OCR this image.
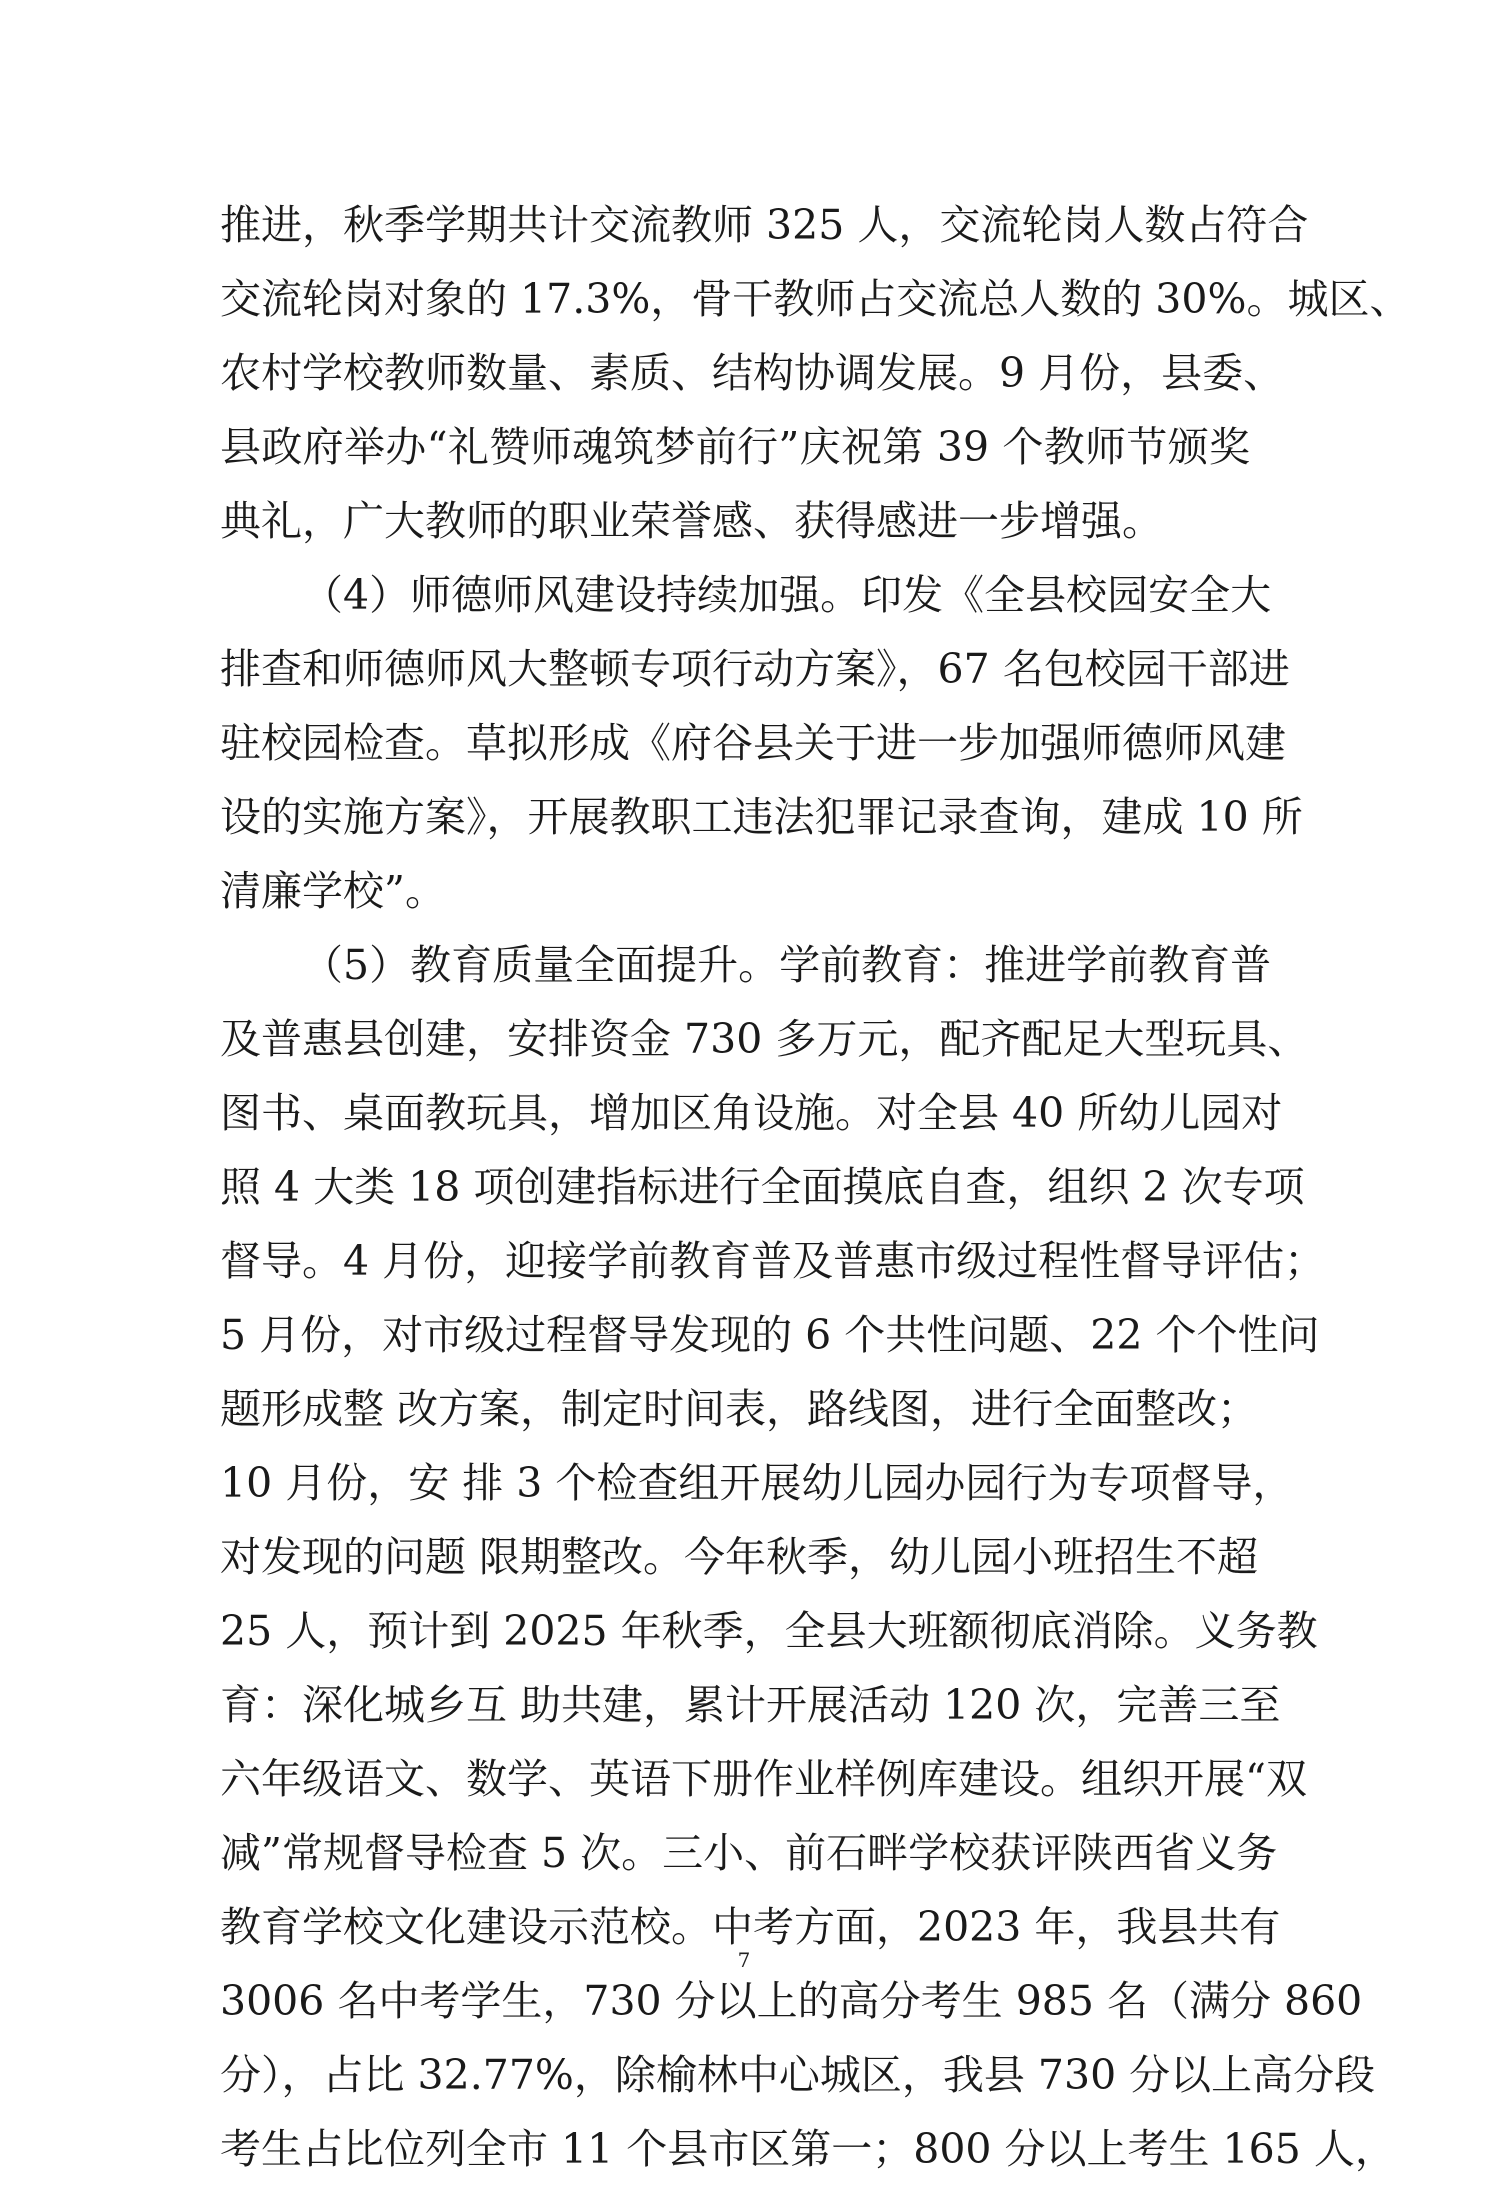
推进，秋季学期共计交流教师 325 人，交流轮岗人数占符合
交流轮岗对象的 17.3%，骨干教师占交流总人数的 30%。城区、
农村学校教师数量、素质、结构协调发展。9 月份，县委、
县政府举办“礼赞师魂筑梦前行”庆祝第 39 个教师节颁奖
典礼，广大教师的职业荣誉感、获得感进一步增强。
（4）师德师风建设持续加强。印发《全县校园安全大
排查和师德师风大整顿专项行动方案》，67 名包校园干部进
驻校园检查。草拟形成《府谷县关于进一步加强师德师风建
设的实施方案》，开展教职工违法犯罪记录查询，建成 10 所
清廉学校”。
（5）教育质量全面提升。学前教育：推进学前教育普
及普惠县创建，安排资金 730 多万元，配齐配足大型玩具、
图书、桌面教玩具，增加区角设施。对全县 40 所幼儿园对
照 4 大类 18 项创建指标进行全面摸底自查，组织 2 次专项
督导。4 月份，迎接学前教育普及普惠市级过程性督导评估；
5 月份，对市级过程督导发现的 6 个共性问题、22 个个性问
题形成整 改方案，制定时间表，路线图，进行全面整改；
10 月份，安 排 3 个检查组开展幼儿园办园行为专项督导，
对发现的问题 限期整改。今年秋季，幼儿园小班招生不超
25 人，预计到 2025 年秋季，全县大班额彻底消除。义务教
育：深化城乡互 助共建，累计开展活动 120 次，完善三至
六年级语文、数学、英语下册作业样例库建设。组织开展“双
减”常规督导检查 5 次。三小、前石畔学校获评陕西省义务
教育学校文化建设示范校。中考方面，2023 年，我县共有
3006 名中考学生，730 分以上的高分考生 985 名（满分 860
分），占比 32.77%，除榆林中心城区，我县 730 分以上高分段
考生占比位列全市 11 个县市区第一；800 分以上考生 165 人，
7
